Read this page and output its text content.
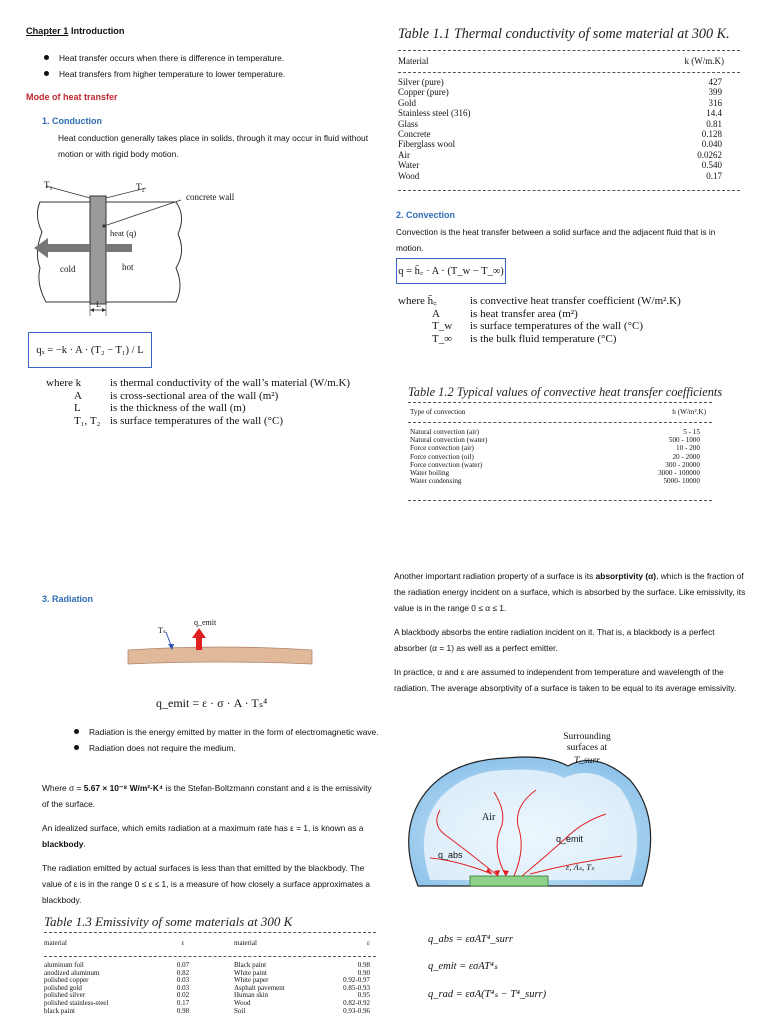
Chapter 1 Introduction
Heat transfer occurs when there is difference in temperature.
Heat transfers from higher temperature to lower temperature.
Mode of heat transfer
1. Conduction
Heat conduction generally takes place in solids, through it may occur in fluid without motion or with rigid body motion.
T₁	T₂
concrete wall
heat (q)
cold	hot
L
qₓ = −k · A · (T₂ − T₁) / L
where k	is thermal conductivity of the wall’s material (W/m.K)
A	is cross-sectional area of the wall (m²)
L	is the thickness of the wall (m)
T₁, T₂	is surface temperatures of the wall (°C)
Table 1.1 Thermal conductivity of some material at 300 K.
Material	k (W/m.K)
Silver (pure)	427
Copper (pure)	399
Gold	316
Stainless steel (316)	14.4
Glass	0.81
Concrete	0.128
Fiberglass wool	0.040
Air	0.0262
Water	0.540
Wood	0.17
2. Convection
Convection is the heat transfer between a solid surface and the adjacent fluid that is in motion.
q = h̄꜀ · A · (T_w − T_∞)
where h̄꜀	is convective heat transfer coefficient (W/m².K)
A	is heat transfer area (m²)
T_w	is surface temperatures of the wall (°C)
T_∞	is the bulk fluid temperature (°C)
Table 1.2 Typical values of convective heat transfer coefficients
Type of convection	h (W/m².K)
Natural convection (air)	5 - 15
Natural convection (water)	500 - 1000
Force convection (air)	10 - 200
Force convection (oil)	20 - 2000
Force convection (water)	300 - 20000
Water boiling	3000 - 100000
Water condensing	5000- 10000
3. Radiation
Tₛ
q_emit
q_emit = ε · σ · A · Tₛ⁴
Radiation is the energy emitted by matter in the form of electromagnetic wave.
Radiation does not require the medium.
Where σ = 5.67 × 10⁻⁸ W/m²·K⁴ is the Stefan-Boltzmann constant and ε is the emissivity of the surface.
An idealized surface, which emits radiation at a maximum rate has ε = 1, is known as a blackbody.
The radiation emitted by actual surfaces is less than that emitted by the blackbody. The value of ε is in the range 0 ≤ ε ≤ 1, is a measure of how closely a surface approximates a blackbody.
Table 1.3 Emissivity of some materials at 300 K
material	ε	material	ε
aluminum foil	0.07	Black paint	0.98
anodized aluminum	0.82	White paint	0.90
polished copper	0.03	White paper	0.92-0.97
polished gold	0.03	Asphalt pavement	0.85-0.93
polished silver	0.02	Human skin	0.95
polished stainless-steel	0.17	Wood	0.82-0.92
black paint	0.98	Soil	0.93-0.96
Another important radiation property of a surface is its absorptivity (α), which is the fraction of the radiation energy incident on a surface, which is absorbed by the surface. Like emissivity, its value is in the range 0 ≤ α ≤ 1.
A blackbody absorbs the entire radiation incident on it. That is, a blackbody is a perfect absorber (α = 1) as well as a perfect emitter.
In practice, α and ε are assumed to independent from temperature and wavelength of the radiation. The average absorptivity of a surface is taken to be equal to its average emissivity.
Surrounding surfaces at
T_surr
Air
q_emit
q_abs
ε, Aₛ, Tₛ
q_abs = εσAT⁴_surr
q_emit = εσAT⁴ₛ
q_rad = εσA(T⁴ₛ − T⁴_surr)
